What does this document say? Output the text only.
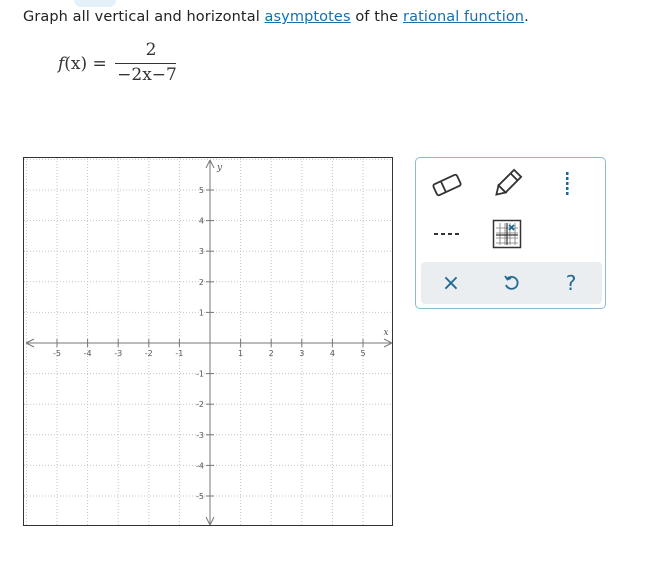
Graph all vertical and horizontal asymptotes of the rational function.
f(x) =
2
−2x−7
-5	-4	-3	-2	-1	1	2	3	4	5
5
4
3
2
1
-1
-2
-3
-4
-5
x
y
×	?
